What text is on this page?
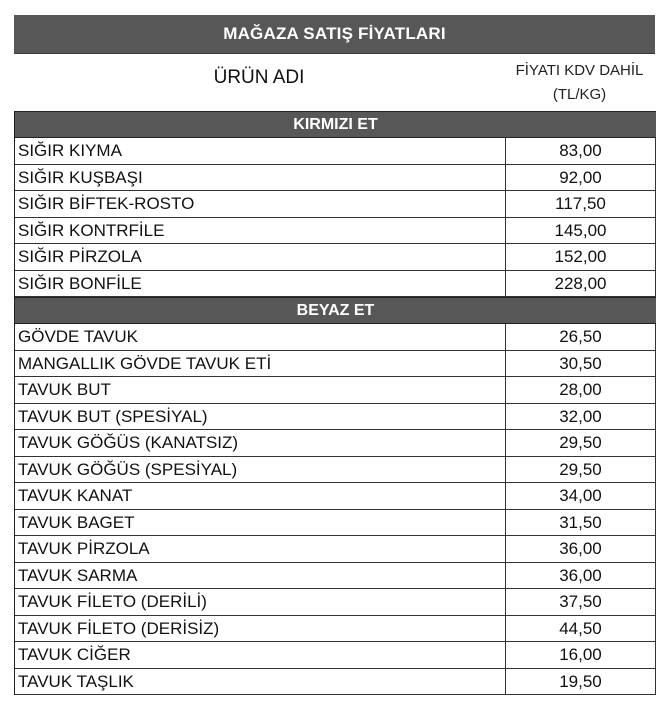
MAĞAZA SATIŞ FİYATLARI
ÜRÜN ADI	FİYATI KDV DAHİL
(TL/KG)
KIRMIZI ET
SIĞIR KIYMA	83,00
SIĞIR KUŞBAŞI	92,00
SIĞIR BİFTEK-ROSTO	117,50
SIĞIR KONTRFİLE	145,00
SIĞIR PİRZOLA	152,00
SIĞIR BONFİLE	228,00
BEYAZ ET
GÖVDE TAVUK	26,50
MANGALLIK GÖVDE TAVUK ETİ	30,50
TAVUK BUT	28,00
TAVUK BUT (SPESİYAL)	32,00
TAVUK GÖĞÜS (KANATSIZ)	29,50
TAVUK GÖĞÜS (SPESİYAL)	29,50
TAVUK KANAT	34,00
TAVUK BAGET	31,50
TAVUK PİRZOLA	36,00
TAVUK SARMA	36,00
TAVUK FİLETO (DERİLİ)	37,50
TAVUK FİLETO (DERİSİZ)	44,50
TAVUK CİĞER	16,00
TAVUK TAŞLIK	19,50
